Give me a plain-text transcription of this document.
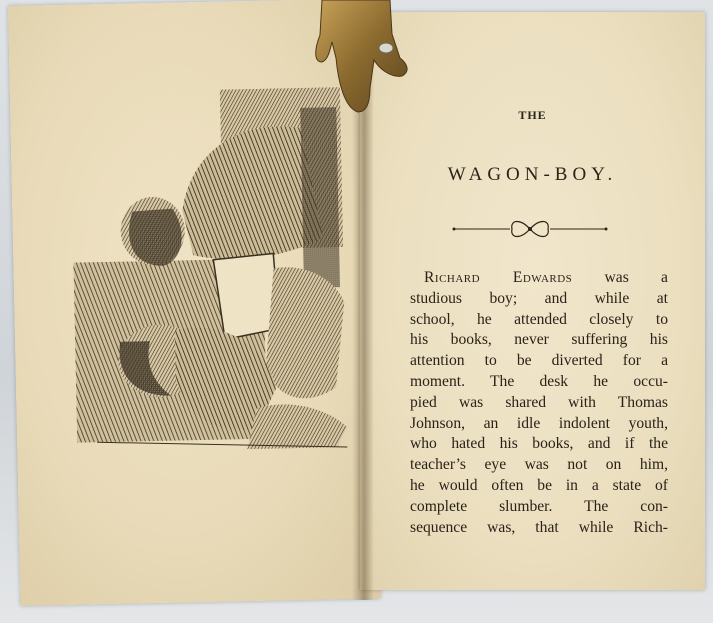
THE
WAGON-BOY.
Richard Edwards was a
studious boy; and while at
school, he attended closely to
his books, never suffering his
attention to be diverted for a
moment. The desk he occu-
pied was shared with Thomas
Johnson, an idle indolent youth,
who hated his books, and if the
teacher’s eye was not on him,
he would often be in a state of
complete slumber. The con-
sequence was, that while Rich-
